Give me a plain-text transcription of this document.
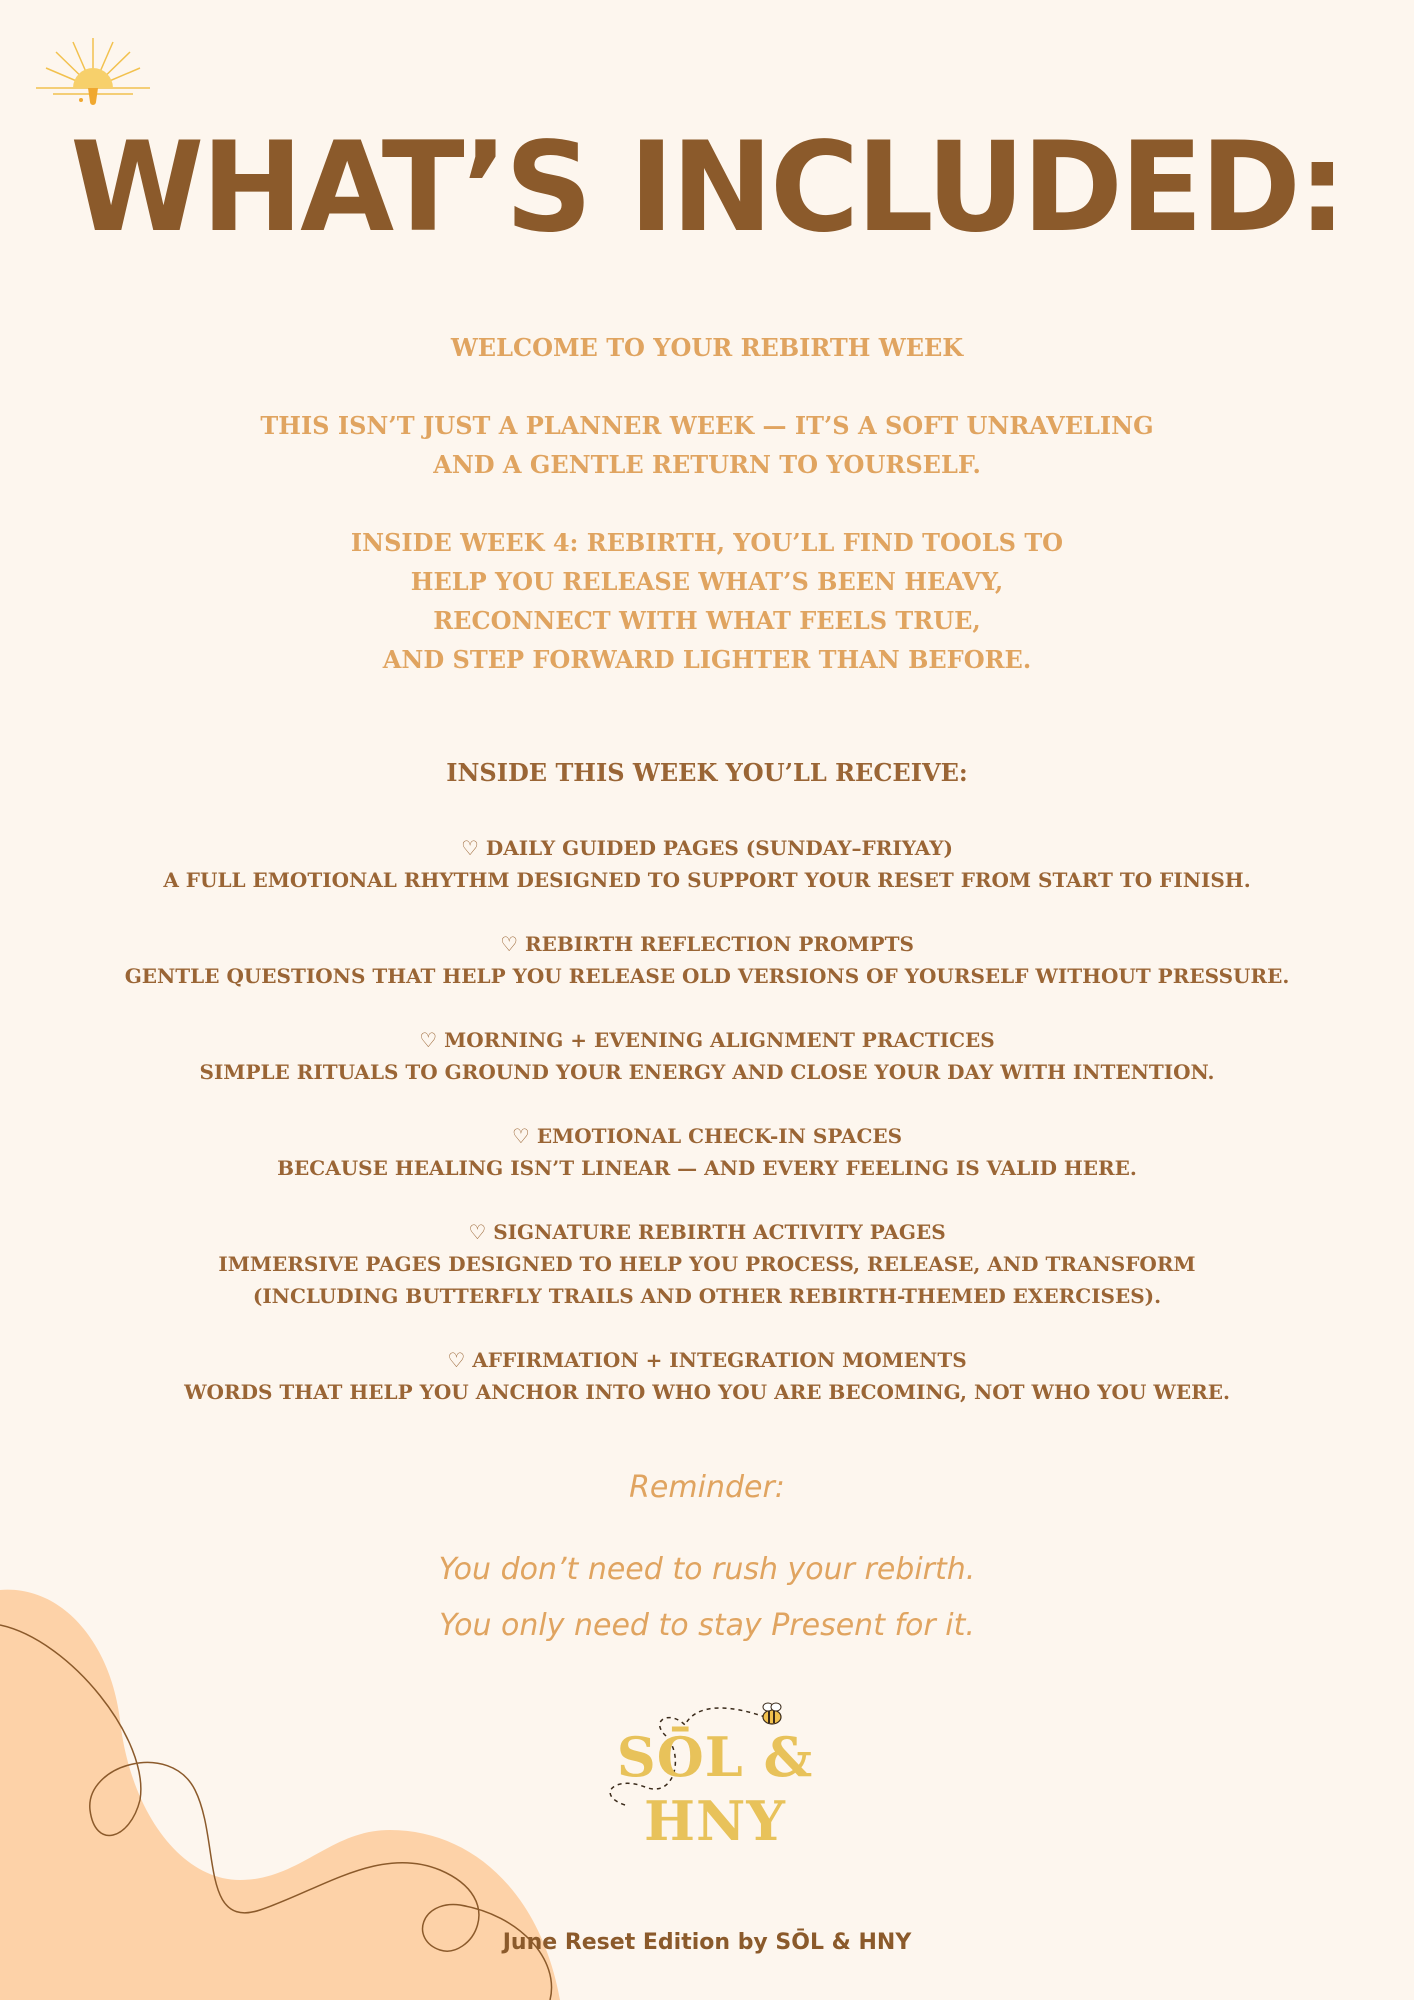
WHAT’S INCLUDED:

WELCOME TO YOUR REBIRTH WEEK

THIS ISN’T JUST A PLANNER WEEK — IT’S A SOFT UNRAVELING
AND A GENTLE RETURN TO YOURSELF.

INSIDE WEEK 4: REBIRTH, YOU’LL FIND TOOLS TO
HELP YOU RELEASE WHAT’S BEEN HEAVY,
RECONNECT WITH WHAT FEELS TRUE,
AND STEP FORWARD LIGHTER THAN BEFORE.

INSIDE THIS WEEK YOU’LL RECEIVE:
♡ DAILY GUIDED PAGES (SUNDAY–FRIYAY)
A FULL EMOTIONAL RHYTHM DESIGNED TO SUPPORT YOUR RESET FROM START TO FINISH.
♡ REBIRTH REFLECTION PROMPTS
GENTLE QUESTIONS THAT HELP YOU RELEASE OLD VERSIONS OF YOURSELF WITHOUT PRESSURE.
♡ MORNING + EVENING ALIGNMENT PRACTICES
SIMPLE RITUALS TO GROUND YOUR ENERGY AND CLOSE YOUR DAY WITH INTENTION.
♡ EMOTIONAL CHECK-IN SPACES
BECAUSE HEALING ISN’T LINEAR — AND EVERY FEELING IS VALID HERE.
♡ SIGNATURE REBIRTH ACTIVITY PAGES
IMMERSIVE PAGES DESIGNED TO HELP YOU PROCESS, RELEASE, AND TRANSFORM
(INCLUDING BUTTERFLY TRAILS AND OTHER REBIRTH-THEMED EXERCISES).
♡ AFFIRMATION + INTEGRATION MOMENTS
WORDS THAT HELP YOU ANCHOR INTO WHO YOU ARE BECOMING, NOT WHO YOU WERE.
Reminder:
You don’t need to rush your rebirth.
You only need to stay Present for it.
SŌL & HNY
June Reset Edition by SŌL & HNY
